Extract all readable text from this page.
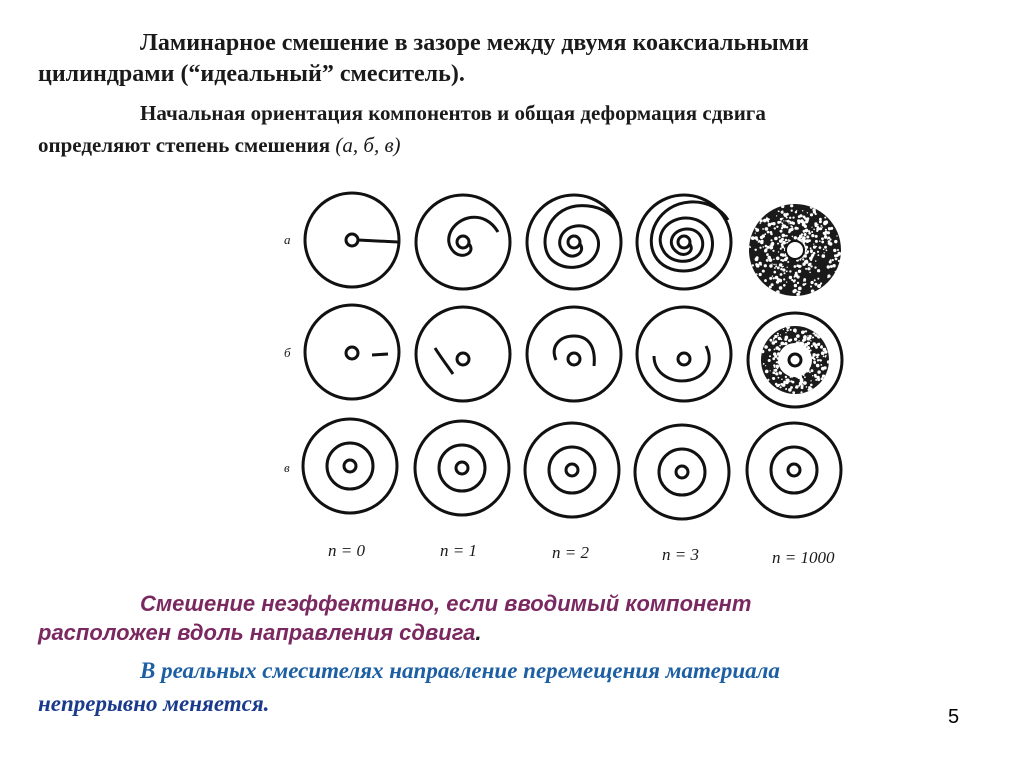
Ламинарное смешение в зазоре между двумя коаксиальными
цилиндрами (“идеальный” смеситель).
Начальная ориентация компонентов и общая деформация сдвига
определяют степень смешения (а, б, в)
а
б
в
n = 0	n = 1	n = 2	n = 3	n = 1000
Смешение неэффективно, если вводимый компонент
расположен вдоль направления сдвига.
В реальных смесителях направление перемещения материала
непрерывно меняется.
5
